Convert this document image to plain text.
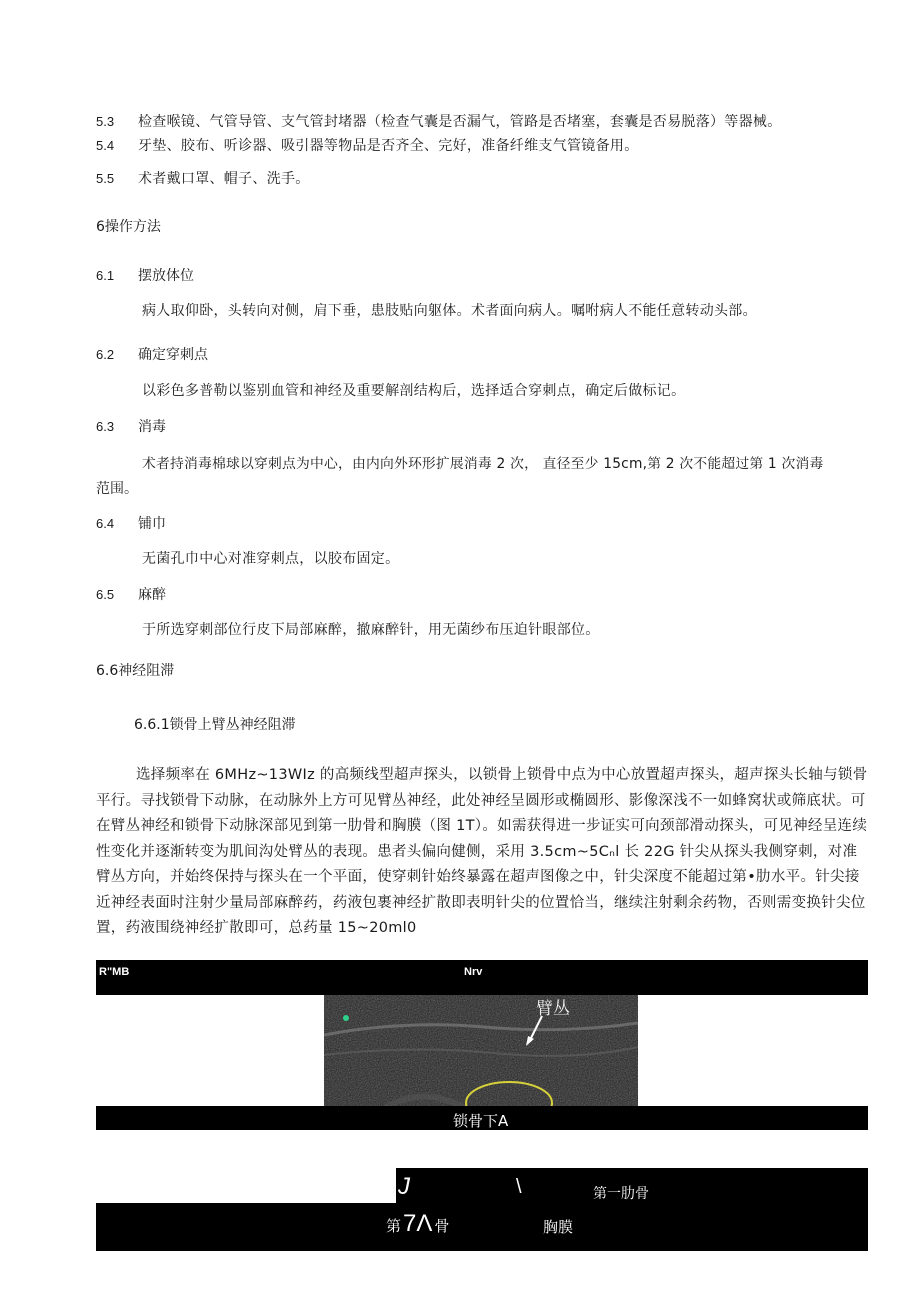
5.3 检查喉镜、气管导管、支气管封堵器（检查气囊是否漏气，管路是否堵塞，套囊是否易脱落）等器械。
5.4 牙垫、胶布、听诊器、吸引器等物品是否齐全、完好，准备纤维支气管镜备用。
5.5 术者戴口罩、帽子、洗手。
6操作方法
6.1 摆放体位
病人取仰卧，头转向对侧，肩下垂，患肢贴向躯体。术者面向病人。嘱咐病人不能任意转动头部。
6.2 确定穿刺点
以彩色多普勒以鉴别血管和神经及重要解剖结构后，选择适合穿刺点，确定后做标记。
6.3 消毒
术者持消毒棉球以穿刺点为中心，由内向外环形扩展消毒 2 次， 直径至少 15cm,第 2 次不能超过第 1 次消毒
范围。
6.4 铺巾
无菌孔巾中心对准穿刺点，以胶布固定。
6.5 麻醉
于所选穿刺部位行皮下局部麻醉，撤麻醉针，用无菌纱布压迫针眼部位。
6.6神经阻滞
6.6.1锁骨上臂丛神经阻滞
选择频率在 6MHz~13WIz 的高频线型超声探头，以锁骨上锁骨中点为中心放置超声探头，超声探头长轴与锁骨平行。寻找锁骨下动脉，在动脉外上方可见臂丛神经，此处神经呈圆形或椭圆形、影像深浅不一如蜂窝状或筛底状。可在臂丛神经和锁骨下动脉深部见到第一肋骨和胸膜（图 1T）。如需获得进一步证实可向颈部滑动探头，可见神经呈连续性变化并逐渐转变为肌间沟处臂丛的表现。患者头偏向健侧，采用 3.5cm~5Cₙl 长 22G 针尖从探头我侧穿刺，对准臂丛方向，并始终保持与探头在一个平面，使穿刺针始终暴露在超声图像之中，针尖深度不能超过第•肋水平。针尖接近神经表面时注射少量局部麻醉药，药液包裹神经扩散即表明针尖的位置恰当，继续注射剩余药物，否则需变换针尖位置，药液围绕神经扩散即可，总药量 15~20ml0
R"MB	Nrv
臂丛
锁骨下A
J	\	第一肋骨
第7Λ 骨	胸膜
